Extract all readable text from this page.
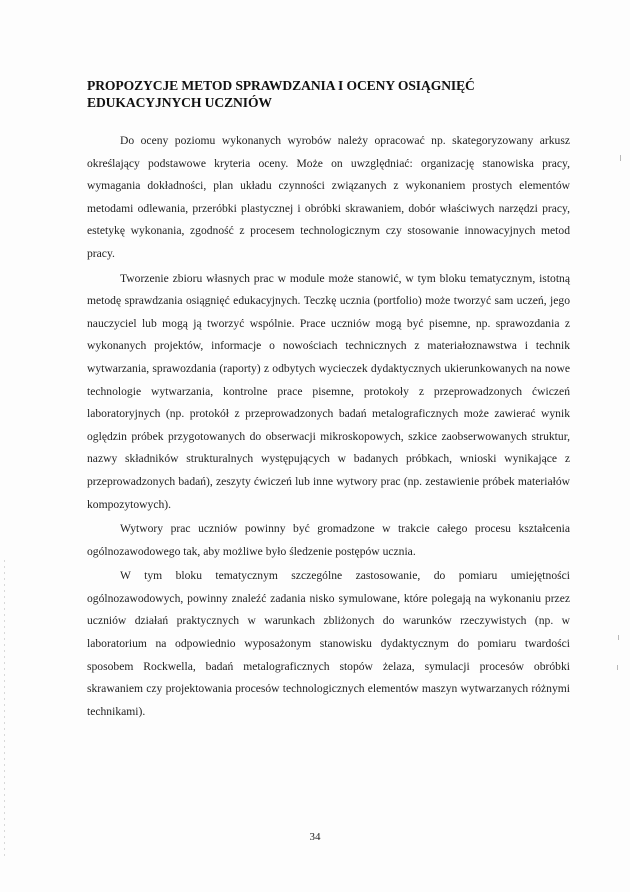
PROPOZYCJE METOD SPRAWDZANIA I OCENY OSIĄGNIĘĆ EDUKACYJNYCH UCZNIÓW

Do oceny poziomu wykonanych wyrobów należy opracować np. skategoryzowany arkusz określający podstawowe kryteria oceny. Może on uwzględniać: organizację stanowiska pracy, wymagania dokładności, plan układu czynności związanych z wykonaniem prostych elementów metodami odlewania, przeróbki plastycznej i obróbki skrawaniem, dobór właściwych narzędzi pracy, estetykę wykonania, zgodność z procesem technologicznym czy stosowanie innowacyjnych metod pracy.

Tworzenie zbioru własnych prac w module może stanowić, w tym bloku tematycznym, istotną metodę sprawdzania osiągnięć edukacyjnych. Teczkę ucznia (portfolio) może tworzyć sam uczeń, jego nauczyciel lub mogą ją tworzyć wspólnie. Prace uczniów mogą być pisemne, np. sprawozdania z wykonanych projektów, informacje o nowościach technicznych z materiałoznawstwa i technik wytwarzania, sprawozdania (raporty) z odbytych wycieczek dydaktycznych ukierunkowanych na nowe technologie wytwarzania, kontrolne prace pisemne, protokoły z przeprowadzonych ćwiczeń laboratoryjnych (np. protokół z przeprowadzonych badań metalograficznych może zawierać wynik oględzin próbek przygotowanych do obserwacji mikroskopowych, szkice zaobserwowanych struktur, nazwy składników strukturalnych występujących w badanych próbkach, wnioski wynikające z przeprowadzonych badań), zeszyty ćwiczeń lub inne wytwory prac (np. zestawienie próbek materiałów kompozytowych).

Wytwory prac uczniów powinny być gromadzone w trakcie całego procesu kształcenia ogólnozawodowego tak, aby możliwe było śledzenie postępów ucznia.

W tym bloku tematycznym szczególne zastosowanie, do pomiaru umiejętności ogólnozawodowych, powinny znaleźć zadania nisko symulowane, które polegają na wykonaniu przez uczniów działań praktycznych w warunkach zbliżonych do warunków rzeczywistych (np. w laboratorium na odpowiednio wyposażonym stanowisku dydaktycznym do pomiaru twardości sposobem Rockwella, badań metalograficznych stopów żelaza, symulacji procesów obróbki skrawaniem czy projektowania procesów technologicznych elementów maszyn wytwarzanych różnymi technikami).

34
